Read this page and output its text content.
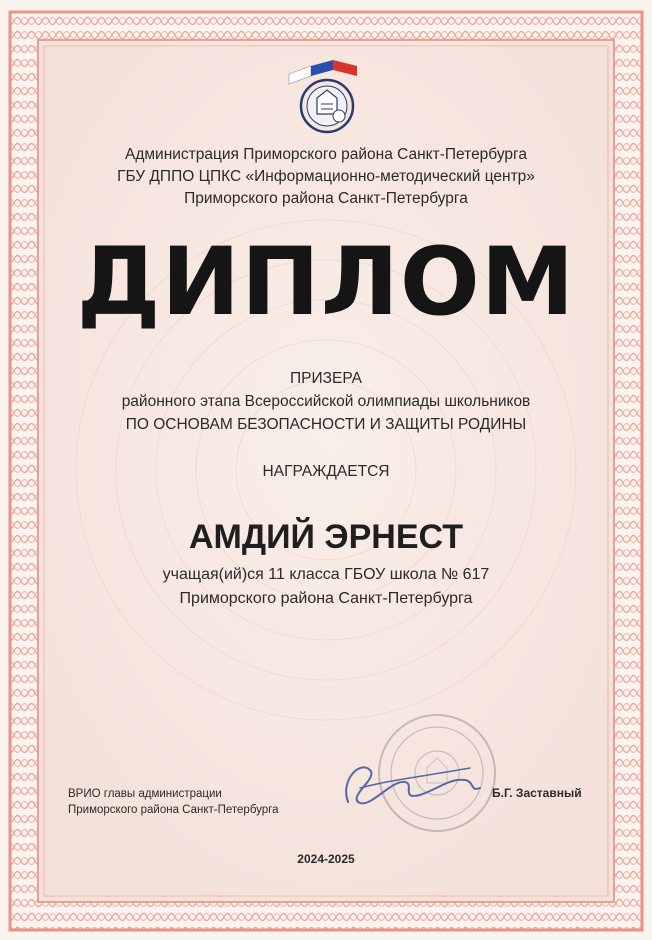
Администрация Приморского района Санкт-Петербурга
ГБУ ДППО ЦПКС «Информационно-методический центр»
Приморского района Санкт-Петербурга
ДИПЛОМ
ПРИЗЕРА
районного этапа Всероссийской олимпиады школьников
ПО ОСНОВАМ БЕЗОПАСНОСТИ И ЗАЩИТЫ РОДИНЫ
НАГРАЖДАЕТСЯ
АМДИЙ ЭРНЕСТ
учащая(ий)ся 11 класса ГБОУ школа № 617
Приморского района Санкт-Петербурга
ВРИО главы администрации
Приморского района Санкт-Петербурга
Б.Г. Заставный
2024-2025
